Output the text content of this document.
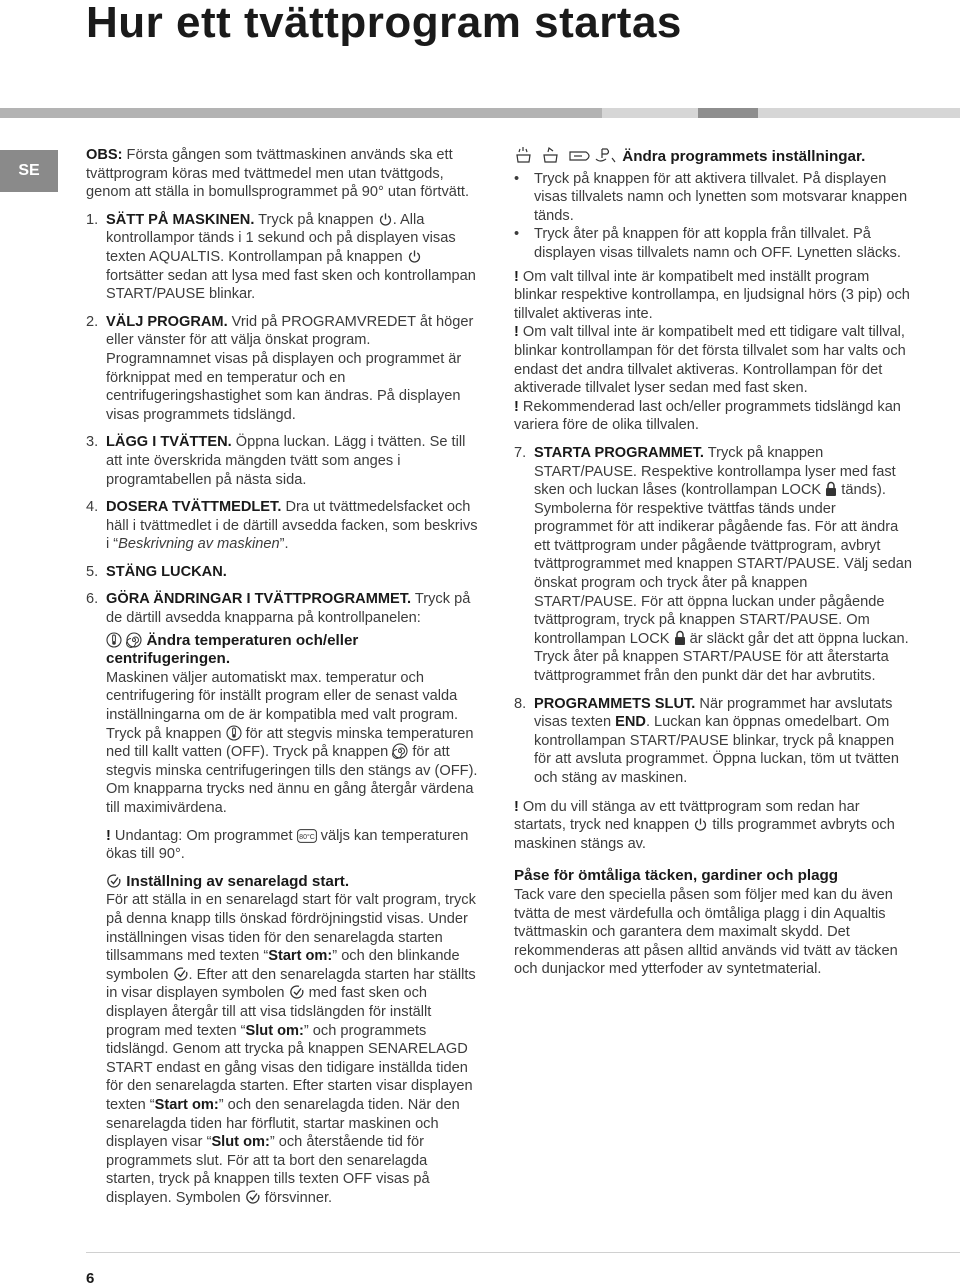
Hur ett tvättprogram startas
SE

OBS: Första gången som tvättmaskinen används ska ett tvättprogram köras med tvättmedel men utan tvättgods, genom att ställa in bomullsprogrammet på 90° utan förtvätt.

1. SÄTT PÅ MASKINEN. Tryck på knappen
. Alla kontrollampor tänds i 1 sekund och på displayen visas texten AQUALTIS. Kontrollampan på knappen
fortsätter sedan att lysa med fast sken och kontrollampan START/PAUSE blinkar.
2. VÄLJ PROGRAM. Vrid på PROGRAMVREDET åt höger eller vänster för att välja önskat program. Programnamnet visas på displayen och programmet är förknippat med en temperatur och en centrifugeringshastighet som kan ändras. På displayen visas programmets tidslängd.
3. LÄGG I TVÄTTEN. Öppna luckan. Lägg i tvätten. Se till att inte överskrida mängden tvätt som anges i programtabellen på nästa sida.
4. DOSERA TVÄTTMEDLET. Dra ut tvättmedelsfacket och häll i tvättmedlet i de därtill avsedda facken, som beskrivs i “Beskrivning av maskinen”.
5. STÄNG LUCKAN.
6. GÖRA ÄNDRINGAR I TVÄTTPROGRAMMET. Tryck på de därtill avsedda knapparna på kontrollpanelen:

Ändra temperaturen och/eller centrifugeringen.

Maskinen väljer automatiskt max. temperatur och centrifugering för inställt program eller de senast valda inställningarna om de är kompatibla med valt program. Tryck på knappen
för att stegvis minska temperaturen ned till kallt vatten (OFF). Tryck på knappen
för att stegvis minska centrifugeringen tills den stängs av (OFF). Om knapparna trycks ned ännu en gång återgår värdena till maximivärdena.

! Undantag: Om programmet 80°C väljs kan temperaturen ökas till 90°.

Inställning av senarelagd start.

För att ställa in en senarelagd start för valt program, tryck på denna knapp tills önskad fördröjningstid visas. Under inställningen visas tiden för den senarelagda starten tillsammans med texten “Start om:” och den blinkande symbolen
. Efter att den senarelagda starten har ställts in visar displayen symbolen
med fast sken och displayen återgår till att visa tidslängden för inställt program med texten “Slut om:” och programmets tidslängd. Genom att trycka på knappen SENARELAGD START endast en gång visas den tidigare inställda tiden för den senarelagda starten. Efter starten visar displayen texten “Start om:” och den senarelagda tiden. När den senarelagda tiden har förflutit, startar maskinen och displayen visar “Slut om:” och återstående tid för programmets slut. För att ta bort den senarelagda starten, tryck på knappen tills texten OFF visas på displayen. Symbolen
försvinner.

Ändra programmets inställningar.
•	Tryck på knappen för att aktivera tillvalet. På displayen visas tillvalets namn och lynetten som motsvarar knappen tänds.
•	Tryck åter på knappen för att koppla från tillvalet. På displayen visas tillvalets namn och OFF. Lynetten släcks.
! Om valt tillval inte är kompatibelt med inställt program blinkar respektive kontrollampa, en ljudsignal hörs (3 pip) och tillvalet aktiveras inte.
! Om valt tillval inte är kompatibelt med ett tidigare valt tillval, blinkar kontrollampan för det första tillvalet som har valts och endast det andra tillvalet aktiveras. Kontrollampan för det aktiverade tillvalet lyser sedan med fast sken.

! Rekommenderad last och/eller programmets tidslängd kan variera före de olika tillvalen.

7. STARTA PROGRAMMET. Tryck på knappen START/PAUSE. Respektive kontrollampa lyser med fast sken och luckan låses (kontrollampan LOCK
tänds). Symbolerna för respektive tvättfas tänds under programmet för att indikerar pågående fas. För att ändra ett tvättprogram under pågående tvättprogram, avbryt tvättprogrammet med knappen START/PAUSE. Välj sedan önskat program och tryck åter på knappen START/PAUSE. För att öppna luckan under pågående tvättprogram, tryck på knappen START/PAUSE. Om kontrollampan LOCK
är släckt går det att öppna luckan. Tryck åter på knappen START/PAUSE för att återstarta tvättprogrammet från den punkt där det har avbrutits.
8. PROGRAMMETS SLUT. När programmet har avslutats visas texten END. Luckan kan öppnas omedelbart. Om kontrollampan START/PAUSE blinkar, tryck på knappen för att avsluta programmet. Öppna luckan, töm ut tvätten och stäng av maskinen.

! Om du vill stänga av ett tvättprogram som redan har startats, tryck ned knappen
tills programmet avbryts och maskinen stängs av.

Påse för ömtåliga täcken, gardiner och plagg

Tack vare den speciella påsen som följer med kan du även tvätta de mest värdefulla och ömtåliga plagg i din Aqualtis tvättmaskin och garantera dem maximalt skydd. Det rekommenderas att påsen alltid används vid tvätt av täcken och dunjackor med ytterfoder av syntetmaterial.

6
